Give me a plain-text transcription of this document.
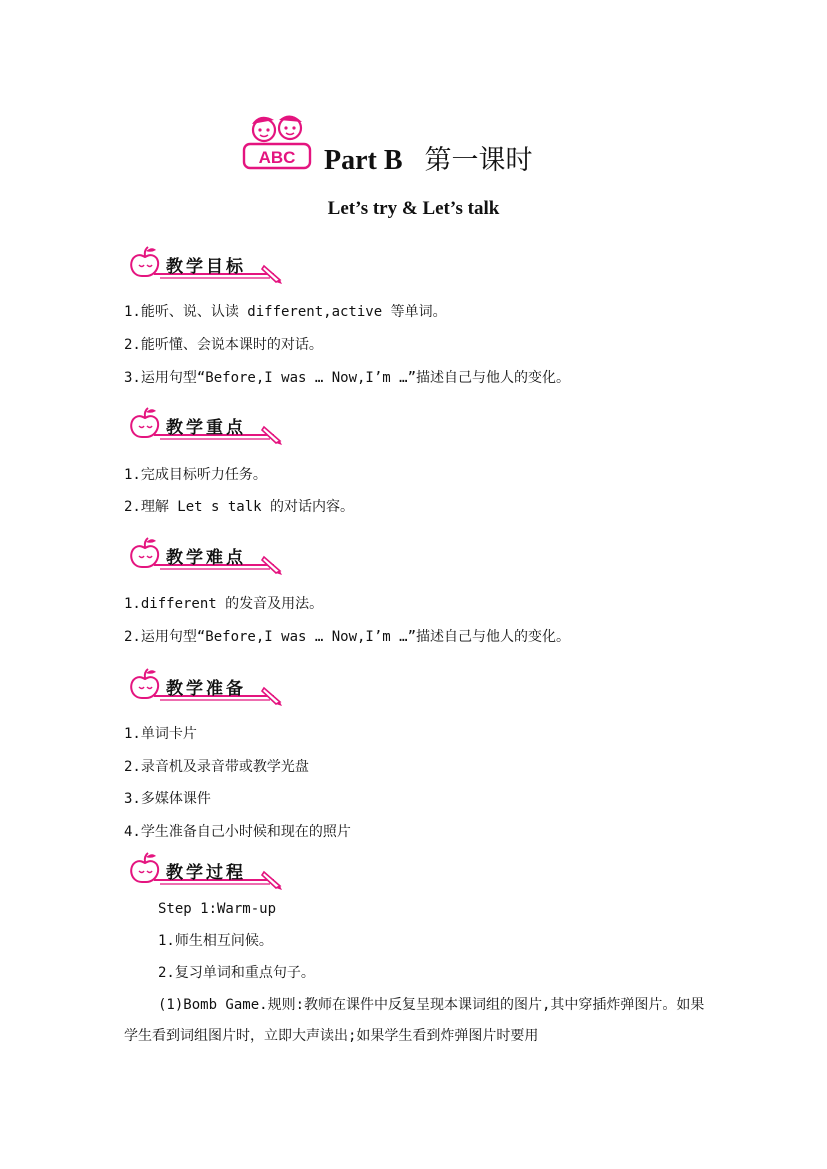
ABC Part B 第一课时
Let’s try & Let’s talk
教学目标
1.能听、说、认读 different,active 等单词。
2.能听懂、会说本课时的对话。
3.运用句型“Before,I was … Now,I’m …”描述自己与他人的变化。
教学重点
1.完成目标听力任务。
2.理解 Let s talk 的对话内容。
教学难点
1.different 的发音及用法。
2.运用句型“Before,I was … Now,I’m …”描述自己与他人的变化。
教学准备
1.单词卡片
2.录音机及录音带或教学光盘
3.多媒体课件
4.学生准备自己小时候和现在的照片
教学过程
Step 1:Warm-up
1.师生相互问候。
2.复习单词和重点句子。
(1)Bomb Game.规则:教师在课件中反复呈现本课词组的图片,其中穿插炸弹图片。如果学生看到词组图片时，立即大声读出;如果学生看到炸弹图片时要用
